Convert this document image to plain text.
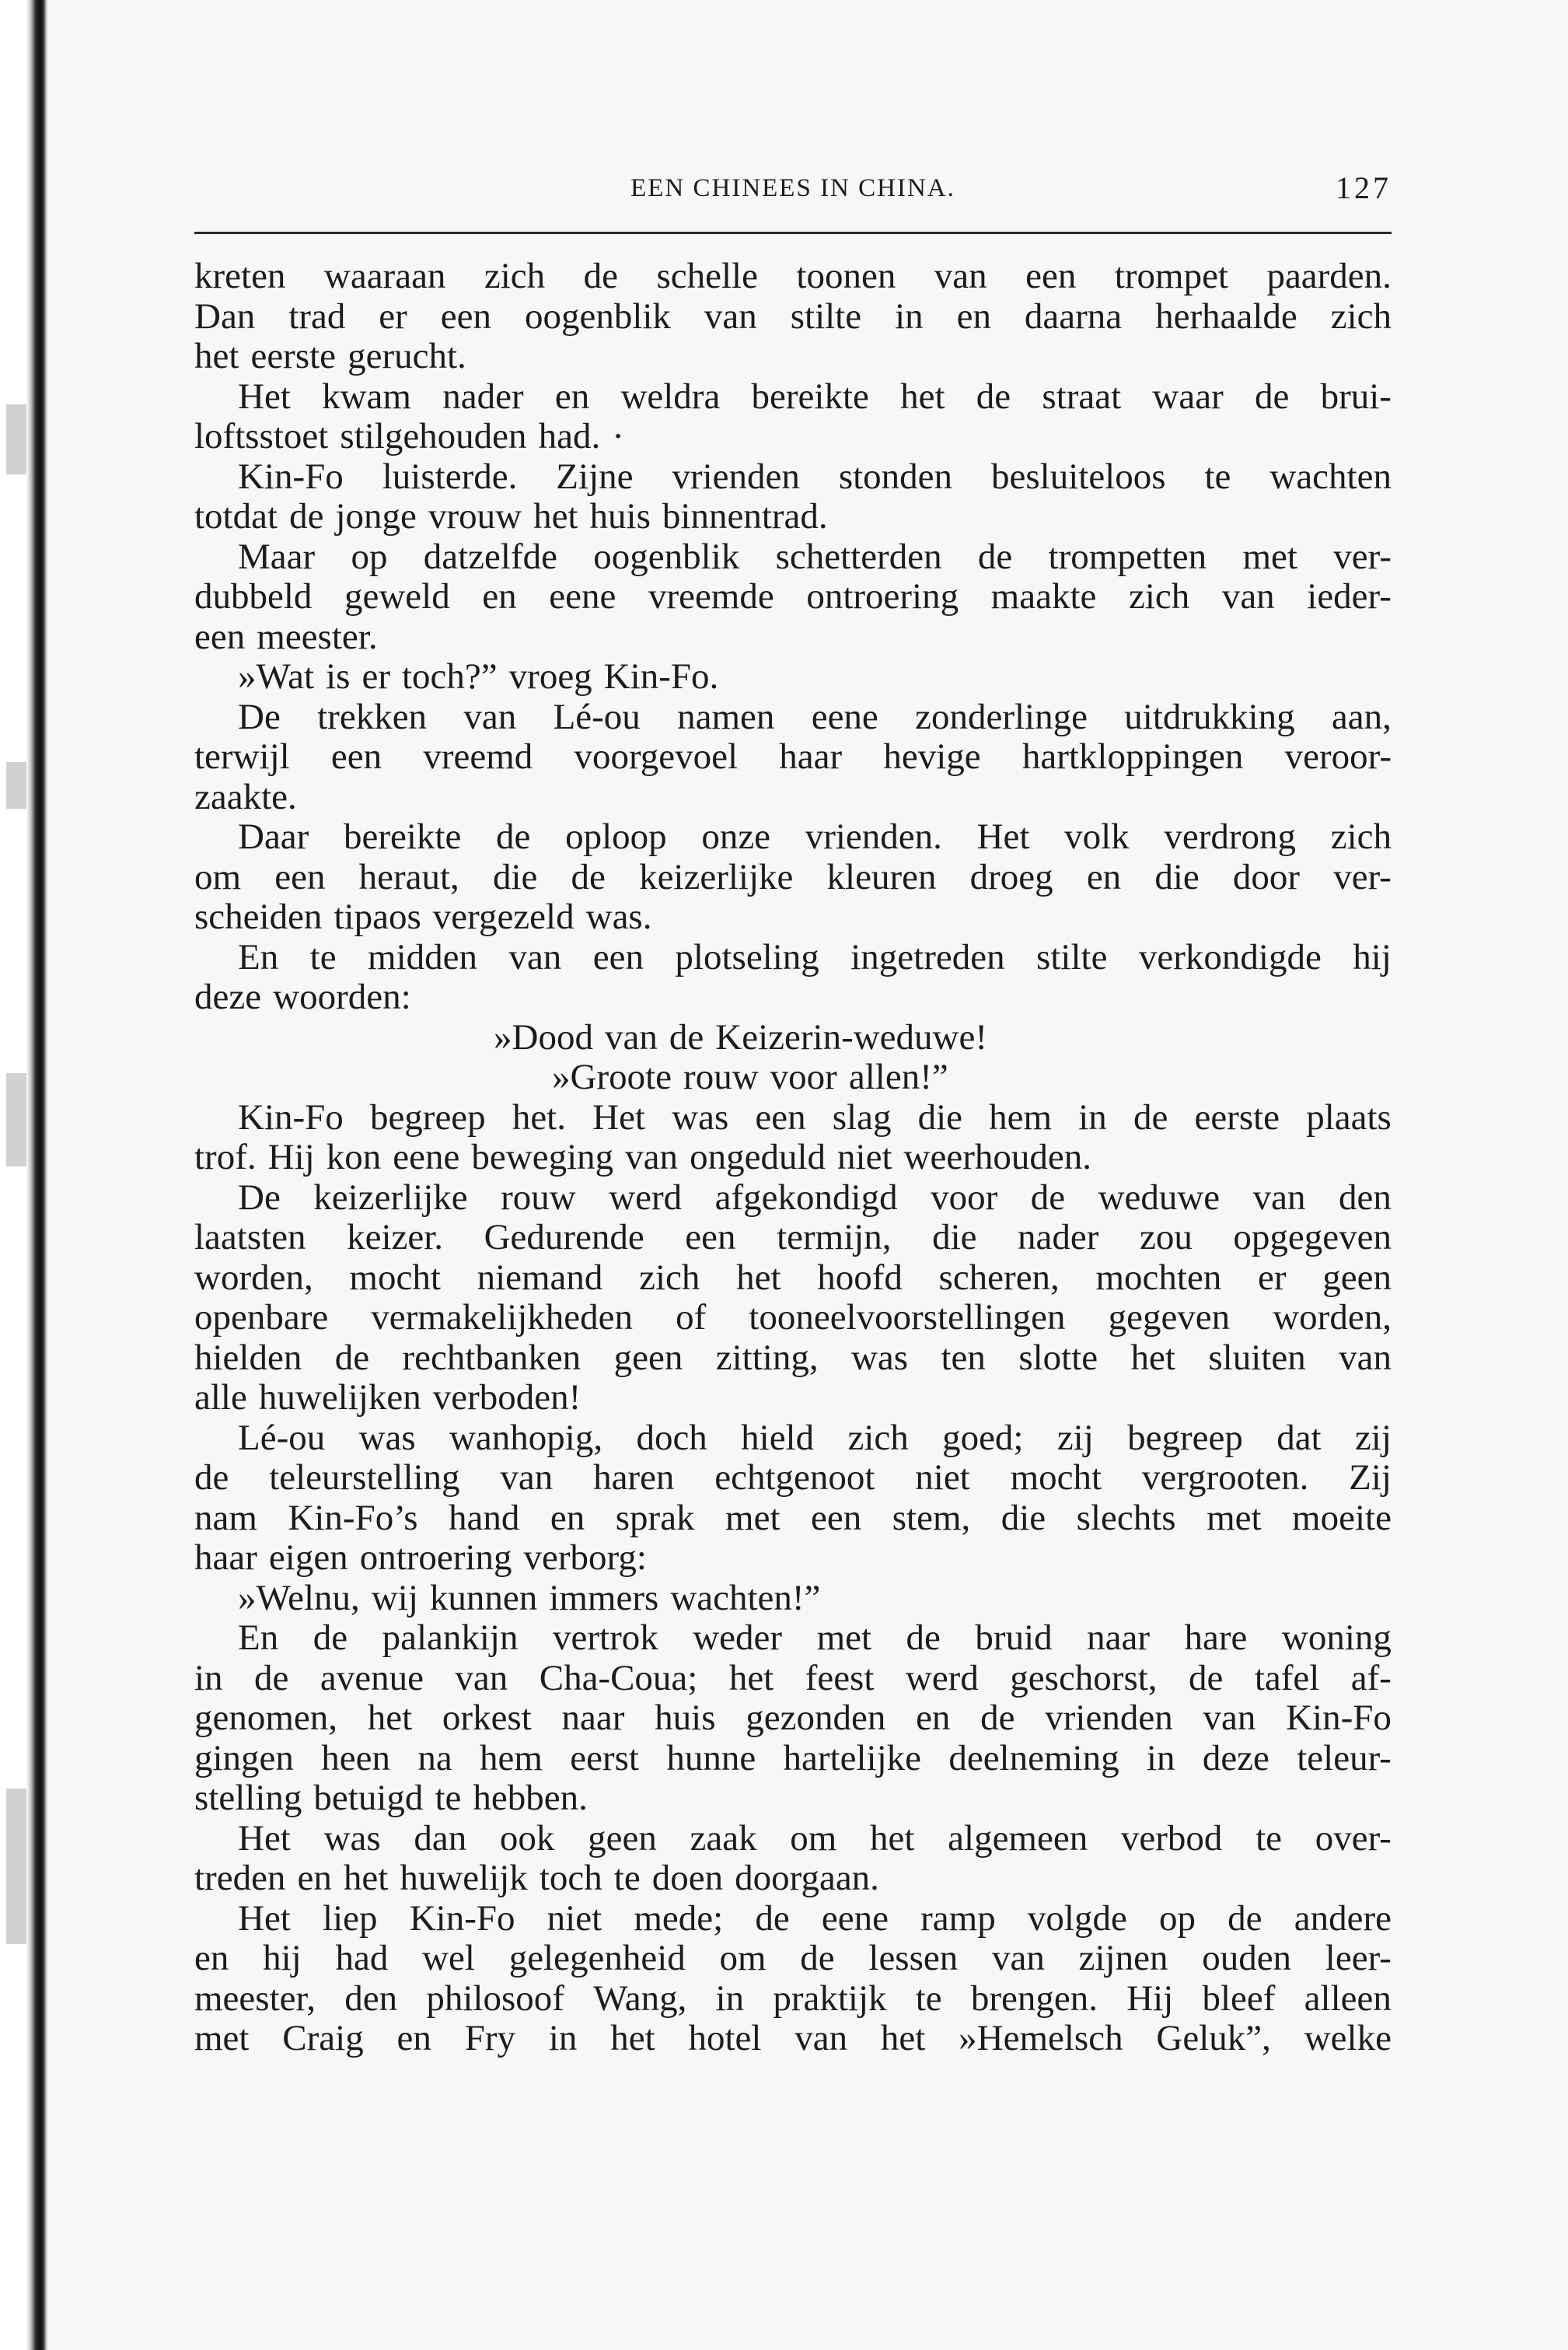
EEN CHINEES IN CHINA.	127
kreten waaraan zich de schelle toonen van een trompet paarden.
Dan trad er een oogenblik van stilte in en daarna herhaalde zich
het eerste gerucht.
Het kwam nader en weldra bereikte het de straat waar de brui-
loftsstoet stilgehouden had. ·
Kin-Fo luisterde. Zijne vrienden stonden besluiteloos te wachten
totdat de jonge vrouw het huis binnentrad.
Maar op datzelfde oogenblik schetterden de trompetten met ver-
dubbeld geweld en eene vreemde ontroering maakte zich van ieder-
een meester.
»Wat is er toch?” vroeg Kin-Fo.
De trekken van Lé-ou namen eene zonderlinge uitdrukking aan,
terwijl een vreemd voorgevoel haar hevige hartkloppingen veroor-
zaakte.
Daar bereikte de oploop onze vrienden. Het volk verdrong zich
om een heraut, die de keizerlijke kleuren droeg en die door ver-
scheiden tipaos vergezeld was.
En te midden van een plotseling ingetreden stilte verkondigde hij
deze woorden:
»Dood van de Keizerin-weduwe!
»Groote rouw voor allen!”
Kin-Fo begreep het. Het was een slag die hem in de eerste plaats
trof. Hij kon eene beweging van ongeduld niet weerhouden.
De keizerlijke rouw werd afgekondigd voor de weduwe van den
laatsten keizer. Gedurende een termijn, die nader zou opgegeven
worden, mocht niemand zich het hoofd scheren, mochten er geen
openbare vermakelijkheden of tooneelvoorstellingen gegeven worden,
hielden de rechtbanken geen zitting, was ten slotte het sluiten van
alle huwelijken verboden!
Lé-ou was wanhopig, doch hield zich goed; zij begreep dat zij
de teleurstelling van haren echtgenoot niet mocht vergrooten. Zij
nam Kin-Fo’s hand en sprak met een stem, die slechts met moeite
haar eigen ontroering verborg:
»Welnu, wij kunnen immers wachten!”
En de palankijn vertrok weder met de bruid naar hare woning
in de avenue van Cha-Coua; het feest werd geschorst, de tafel af-
genomen, het orkest naar huis gezonden en de vrienden van Kin-Fo
gingen heen na hem eerst hunne hartelijke deelneming in deze teleur-
stelling betuigd te hebben.
Het was dan ook geen zaak om het algemeen verbod te over-
treden en het huwelijk toch te doen doorgaan.
Het liep Kin-Fo niet mede; de eene ramp volgde op de andere
en hij had wel gelegenheid om de lessen van zijnen ouden leer-
meester, den philosoof Wang, in praktijk te brengen. Hij bleef alleen
met Craig en Fry in het hotel van het »Hemelsch Geluk”, welke
